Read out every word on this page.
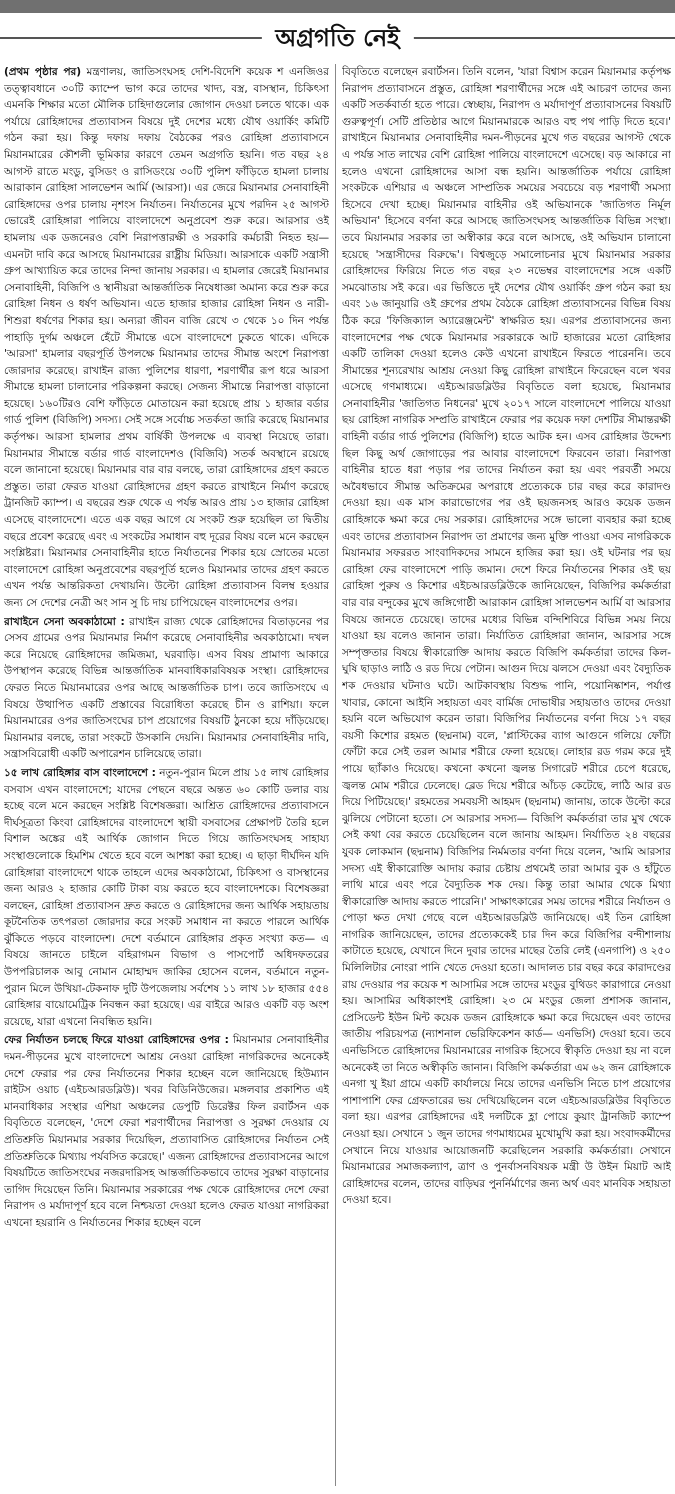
অগ্রগতি নেই

(প্রথম পৃষ্ঠার পর) মন্ত্রণালয়, জাতিসংঘসহ দেশি-বিদেশি কয়েক শ এনজিওর তত্ত্বাবধানে ৩০টি ক্যাম্পে ভাগ করে তাদের খাদ্য, বস্ত্র, বাসস্থান, চিকিৎসা এমনকি শিক্ষার মতো মৌলিক চাহিদাগুলোর জোগান দেওয়া চলতে থাকে। এক পর্যায়ে রোহিঙ্গাদের প্রত্যাবাসন বিষয়ে দুই দেশের মধ্যে যৌথ ওয়ার্কিং কমিটি গঠন করা হয়। কিন্তু দফায় দফায় বৈঠকের পরও রোহিঙ্গা প্রত্যাবাসনে মিয়ানমারের কৌশলী ভূমিকার কারণে তেমন অগ্রগতি হয়নি। গত বছর ২৪ আগস্ট রাতে মংডু, বুসিডং ও রাসিডংয়ে ৩০টি পুলিশ ফাঁড়িতে হামলা চালায় আরাকান রোহিঙ্গা সালভেশন আর্মি (আরসা)। এর জেরে মিয়ানমার সেনাবাহিনী রোহিঙ্গাদের ওপর চালায় নৃশংস নির্যাতন। নির্যাতনের মুখে পরদিন ২৫ আগস্ট ভোরেই রোহিঙ্গারা পালিয়ে বাংলাদেশে অনুপ্রবেশ শুরু করে। আরসার ওই হামলায় এক ডজনেরও বেশি নিরাপত্তারক্ষী ও সরকারি কর্মচারী নিহত হয়— এমনটা দাবি করে আসছে মিয়ানমারের রাষ্ট্রীয় মিডিয়া। আরসাকে একটি সন্ত্রাসী গ্রুপ আখ্যায়িত করে তাদের নিন্দা জানায় সরকার। এ হামলার জেরেই মিয়ানমার সেনাবাহিনী, বিজিপি ও স্থানীয়রা আন্তর্জাতিক নিষেধাজ্ঞা অমান্য করে শুরু করে রোহিঙ্গা নিধন ও ধর্ষণ অভিযান। এতে হাজার হাজার রোহিঙ্গা নিধন ও নারী-শিশুরা ধর্ষণের শিকার হয়। অন্যরা জীবন বাজি রেখে ৩ থেকে ১০ দিন পর্যন্ত পাহাড়ি দুর্গম অঞ্চলে হেঁটে সীমান্তে এসে বাংলাদেশে ঢুকতে থাকে। এদিকে 'আরসা' হামলার বছরপূর্তি উপলক্ষে মিয়ানমার তাদের সীমান্ত অংশে নিরাপত্তা জোরদার করেছে। রাখাইন রাজ্য পুলিশের ধারণা, শরণার্থীর রূপ ধরে আরসা সীমান্তে হামলা চালানোর পরিকল্পনা করছে। সেজন্য সীমান্তে নিরাপত্তা বাড়ানো হয়েছে। ১৬০টিরও বেশি ফাঁড়িতে মোতায়েন করা হয়েছে প্রায় ১ হাজার বর্ডার গার্ড পুলিশ (বিজিপি) সদস্য। সেই সঙ্গে সর্বোচ্চ সতর্কতা জারি করেছে মিয়ানমার কর্তৃপক্ষ। আরসা হামলার প্রথম বার্ষিকী উপলক্ষে এ ব্যবস্থা নিয়েছে তারা। মিয়ানমার সীমান্তে বর্ডার গার্ড বাংলাদেশও (বিজিবি) সতর্ক অবস্থানে রয়েছে বলে জানানো হয়েছে। মিয়ানমার বার বার বলছে, তারা রোহিঙ্গাদের গ্রহণ করতে প্রস্তুত। তারা ফেরত যাওয়া রোহিঙ্গাদের গ্রহণ করতে রাখাইনে নির্মাণ করেছে ট্রানজিট ক্যাম্প। এ বছরের শুরু থেকে এ পর্যন্ত আরও প্রায় ১৩ হাজার রোহিঙ্গা এসেছে বাংলাদেশে। এতে এক বছর আগে যে সংকট শুরু হয়েছিল তা দ্বিতীয় বছরে প্রবেশ করেছে এবং এ সংকটের সমাধান বহু দূরের বিষয় বলে মনে করছেন সংশ্লিষ্টরা। মিয়ানমার সেনাবাহিনীর হাতে নির্যাতনের শিকার হয়ে স্রোতের মতো বাংলাদেশে রোহিঙ্গা অনুপ্রবেশের বছরপূর্তি হলেও মিয়ানমার তাদের গ্রহণ করতে এখন পর্যন্ত আন্তরিকতা দেখায়নি। উল্টো রোহিঙ্গা প্রত্যাবাসন বিলম্ব হওয়ার জন্য সে দেশের নেত্রী অং সান সু চি দায় চাপিয়েছেন বাংলাদেশের ওপর।

রাখাইনে সেনা অবকাঠামো : রাখাইন রাজ্য থেকে রোহিঙ্গাদের বিতাড়নের পর সেসব গ্রামের ওপর মিয়ানমার নির্মাণ করেছে সেনাবাহিনীর অবকাঠামো। দখল করে নিয়েছে রোহিঙ্গাদের জমিজমা, ঘরবাড়ি। এসব বিষয় প্রামাণ্য আকারে উপস্থাপন করেছে বিভিন্ন আন্তর্জাতিক মানবাধিকারবিষয়ক সংস্থা। রোহিঙ্গাদের ফেরত নিতে মিয়ানমারের ওপর আছে আন্তর্জাতিক চাপ। তবে জাতিসংঘে এ বিষয়ে উত্থাপিত একটি প্রস্তাবের বিরোধিতা করেছে চীন ও রাশিয়া। ফলে মিয়ানমারের ওপর জাতিসংঘের চাপ প্রয়োগের বিষয়টি ঠুনকো হয়ে দাঁড়িয়েছে। মিয়ানমার বলছে, তারা সংকটে উসকানি দেয়নি। মিয়ানমার সেনাবাহিনীর দাবি, সন্ত্রাসবিরোধী একটি অপারেশন চালিয়েছে তারা।

১৫ লাখ রোহিঙ্গার বাস বাংলাদেশে : নতুন-পুরান মিলে প্রায় ১৫ লাখ রোহিঙ্গার বসবাস এখন বাংলাদেশে; যাদের পেছনে বছরে অন্তত ৬০ কোটি ডলার ব্যয় হচ্ছে বলে মনে করছেন সংশ্লিষ্ট বিশেষজ্ঞরা। আশ্রিত রোহিঙ্গাদের প্রত্যাবাসনে দীর্ঘসূত্রতা কিংবা রোহিঙ্গাদের বাংলাদেশে স্থায়ী বসবাসের প্রেক্ষাপট তৈরি হলে বিশাল অঙ্কের এই আর্থিক জোগান দিতে গিয়ে জাতিসংঘসহ সাহায্য সংস্থাগুলোকে হিমশিম খেতে হবে বলে আশঙ্কা করা হচ্ছে। এ ছাড়া দীর্ঘদিন যদি রোহিঙ্গারা বাংলাদেশে থাকে তাহলে এদের অবকাঠামো, চিকিৎসা ও বাসস্থানের জন্য আরও ২ হাজার কোটি টাকা ব্যয় করতে হবে বাংলাদেশকে। বিশেষজ্ঞরা বলছেন, রোহিঙ্গা প্রত্যাবাসন দ্রুত করতে ও রোহিঙ্গাদের জন্য আর্থিক সহায়তায় কূটনৈতিক তৎপরতা জোরদার করে সংকট সমাধান না করতে পারলে আর্থিক ঝুঁকিতে পড়বে বাংলাদেশ। দেশে বর্তমানে রোহিঙ্গার প্রকৃত সংখ্যা কত— এ বিষয়ে জানতে চাইলে বহিরাগমন বিভাগ ও পাসপোর্ট অধিদফতরের উপপরিচালক আবু নোমান মোহাম্মদ জাকির হোসেন বলেন, বর্তমানে নতুন-পুরান মিলে উখিয়া-টেকনাফ দুটি উপজেলায় সর্বশেষ ১১ লাখ ১৮ হাজার ৫৫৪ রোহিঙ্গার বায়োমেট্রিক নিবন্ধন করা হয়েছে। এর বাইরে আরও একটি বড় অংশ রয়েছে, যারা এখনো নিবন্ধিত হয়নি।

ফের নির্যাতন চলছে ফিরে যাওয়া রোহিঙ্গাদের ওপর : মিয়ানমার সেনাবাহিনীর দমন-পীড়নের মুখে বাংলাদেশে আশ্রয় নেওয়া রোহিঙ্গা নাগরিকদের অনেকেই দেশে ফেরার পর ফের নির্যাতনের শিকার হচ্ছেন বলে জানিয়েছে হিউম্যান রাইটস ওয়াচ (এইচআরডব্লিউ)। খবর বিডিনিউজের। মঙ্গলবার প্রকাশিত এই মানবাধিকার সংস্থার এশিয়া অঞ্চলের ডেপুটি ডিরেক্টর ফিল রবার্টসন এক বিবৃতিতে বলেছেন, 'দেশে ফেরা শরণার্থীদের নিরাপত্তা ও সুরক্ষা দেওয়ার যে প্রতিশ্রুতি মিয়ানমার সরকার দিয়েছিল, প্রত্যাবাসিত রোহিঙ্গাদের নির্যাতন সেই প্রতিশ্রুতিকে মিথ্যায় পর্যবসিত করেছে।' এজন্য রোহিঙ্গাদের প্রত্যাবাসনের আগে বিষয়টিতে জাতিসংঘের নজরদারিসহ আন্তর্জাতিকভাবে তাদের সুরক্ষা বাড়ানোর তাগিদ দিয়েছেন তিনি। মিয়ানমার সরকারের পক্ষ থেকে রোহিঙ্গাদের দেশে ফেরা নিরাপদ ও মর্যাদাপূর্ণ হবে বলে নিশ্চয়তা দেওয়া হলেও ফেরত যাওয়া নাগরিকরা এখনো হয়রানি ও নির্যাতনের শিকার হচ্ছেন বলে

বিবৃতিতে বলেছেন রবার্টসন। তিনি বলেন, 'যারা বিশ্বাস করেন মিয়ানমার কর্তৃপক্ষ নিরাপদ প্রত্যাবাসনে প্রস্তুত, রোহিঙ্গা শরণার্থীদের সঙ্গে এই আচরণ তাদের জন্য একটি সতর্কবার্তা হতে পারে। স্বেচ্ছায়, নিরাপদ ও মর্যাদাপূর্ণ প্রত্যাবাসনের বিষয়টি গুরুত্বপূর্ণ। সেটি প্রতিষ্ঠার আগে মিয়ানমারকে আরও বহু পথ পাড়ি দিতে হবে।' রাখাইনে মিয়ানমার সেনাবাহিনীর দমন-পীড়নের মুখে গত বছরের আগস্ট থেকে এ পর্যন্ত সাত লাখের বেশি রোহিঙ্গা পালিয়ে বাংলাদেশে এসেছে। বড় আকারে না হলেও এখনো রোহিঙ্গাদের আসা বন্ধ হয়নি। আন্তর্জাতিক পর্যায়ে রোহিঙ্গা সংকটকে এশিয়ার এ অঞ্চলে সাম্প্রতিক সময়ের সবচেয়ে বড় শরণার্থী সমস্যা হিসেবে দেখা হচ্ছে। মিয়ানমার বাহিনীর ওই অভিযানকে 'জাতিগত নির্মূল অভিযান' হিসেবে বর্ণনা করে আসছে জাতিসংঘসহ আন্তর্জাতিক বিভিন্ন সংস্থা। তবে মিয়ানমার সরকার তা অস্বীকার করে বলে আসছে, ওই অভিযান চালানো হয়েছে 'সন্ত্রাসীদের বিরুদ্ধে'। বিশ্বজুড়ে সমালোচনার মুখে মিয়ানমার সরকার রোহিঙ্গাদের ফিরিয়ে নিতে গত বছর ২৩ নভেম্বর বাংলাদেশের সঙ্গে একটি সমঝোতায় সই করে। এর ভিত্তিতে দুই দেশের যৌথ ওয়ার্কিং গ্রুপ গঠন করা হয় এবং ১৬ জানুয়ারি ওই গ্রুপের প্রথম বৈঠকে রোহিঙ্গা প্রত্যাবাসনের বিভিন্ন বিষয় ঠিক করে 'ফিজিক্যাল অ্যারেঞ্জমেন্ট' স্বাক্ষরিত হয়। এরপর প্রত্যাবাসনের জন্য বাংলাদেশের পক্ষ থেকে মিয়ানমার সরকারকে আট হাজারের মতো রোহিঙ্গার একটি তালিকা দেওয়া হলেও কেউ এখনো রাখাইনে ফিরতে পারেননি। তবে সীমান্তের শূন্যরেখায় আশ্রয় নেওয়া কিছু রোহিঙ্গা রাখাইনে ফিরেছেন বলে খবর এসেছে গণমাধ্যমে। এইচআরডব্লিউর বিবৃতিতে বলা হয়েছে, মিয়ানমার সেনাবাহিনীর 'জাতিগত নিধনের' মুখে ২০১৭ সালে বাংলাদেশে পালিয়ে যাওয়া ছয় রোহিঙ্গা নাগরিক সম্প্রতি রাখাইনে ফেরার পর কয়েক দফা দেশটির সীমান্তরক্ষী বাহিনী বর্ডার গার্ড পুলিশের (বিজিপি) হাতে আটক হন। এসব রোহিঙ্গার উদ্দেশ্য ছিল কিছু অর্থ জোগাড়ের পর আবার বাংলাদেশে ফিরবেন তারা। নিরাপত্তা বাহিনীর হাতে ধরা পড়ার পর তাদের নির্যাতন করা হয় এবং পরবর্তী সময়ে অবৈধভাবে সীমান্ত অতিক্রমের অপরাধে প্রত্যেককে চার বছর করে কারাদণ্ড দেওয়া হয়। এক মাস কারাভোগের পর ওই ছয়জনসহ আরও কয়েক ডজন রোহিঙ্গাকে ক্ষমা করে দেয় সরকার। রোহিঙ্গাদের সঙ্গে ভালো ব্যবহার করা হচ্ছে এবং তাদের প্রত্যাবাসন নিরাপদ তা প্রমাণের জন্য মুক্তি পাওয়া এসব নাগরিককে মিয়ানমার সফররত সাংবাদিকদের সামনে হাজির করা হয়। ওই ঘটনার পর ছয় রোহিঙ্গা ফের বাংলাদেশে পাড়ি জমান। দেশে ফিরে নির্যাতনের শিকার ওই ছয় রোহিঙ্গা পুরুষ ও কিশোর এইচআরডব্লিউকে জানিয়েছেন, বিজিপির কর্মকর্তারা বার বার বন্দুকের মুখে জঙ্গিগোষ্ঠী আরাকান রোহিঙ্গা সালভেশন আর্মি বা আরসার বিষয়ে জানতে চেয়েছে। তাদের মধ্যের বিভিন্ন বন্দিশিবিরে বিভিন্ন সময় নিয়ে যাওয়া হয় বলেও জানান তারা। নির্যাতিত রোহিঙ্গারা জানান, আরসার সঙ্গে সম্পৃক্ততার বিষয়ে স্বীকারোক্তি আদায় করতে বিজিপি কর্মকর্তারা তাদের কিল-ঘুষি ছাড়াও লাঠি ও রড দিয়ে পেটান। আগুন দিয়ে ঝলসে দেওয়া এবং বৈদ্যুতিক শক দেওয়ার ঘটনাও ঘটে। আটকাবস্থায় বিশুদ্ধ পানি, পয়োনিষ্কাশন, পর্যাপ্ত খাবার, কোনো আইনি সহায়তা এবং বার্মিজ দোভাষীর সহায়তাও তাদের দেওয়া হয়নি বলে অভিযোগ করেন তারা। বিজিপির নির্যাতনের বর্ণনা দিয়ে ১৭ বছর বয়সী কিশোর রহমত (ছদ্মনাম) বলে, 'প্লাস্টিকের ব্যাগ আগুনে গলিয়ে ফোঁটা ফোঁটা করে সেই তরল আমার শরীরে ফেলা হয়েছে। লোহার রড গরম করে দুই পায়ে ছ্যাঁকাও দিয়েছে। কখনো কখনো জ্বলন্ত সিগারেট শরীরে চেপে ধরেছে, জ্বলন্ত মোম শরীরে ঢেলেছে। ব্লেড দিয়ে শরীরে আঁচড় কেটেছে, লাঠি আর রড দিয়ে পিটিয়েছে।' রহমতের সমবয়সী আহমদ (ছদ্মনাম) জানায়, তাকে উল্টো করে ঝুলিয়ে পেটানো হতো। সে আরসার সদস্য— বিজিপি কর্মকর্তারা তার মুখ থেকে সেই কথা বের করতে চেয়েছিলেন বলে জানায় আহমদ। নির্যাতিত ২৪ বছরের যুবক লোকমান (ছদ্মনাম) বিজিপির নির্মমতার বর্ণনা দিয়ে বলেন, 'আমি আরসার সদস্য এই স্বীকারোক্তি আদায় করার চেষ্টায় প্রথমেই তারা আমার বুক ও হাঁটুতে লাথি মারে এবং পরে বৈদ্যুতিক শক দেয়। কিন্তু তারা আমার থেকে মিথ্যা স্বীকারোক্তি আদায় করতে পারেনি।' সাক্ষাৎকারের সময় তাদের শরীরে নির্যাতন ও পোড়া ক্ষত দেখা গেছে বলে এইচআরডব্লিউ জানিয়েছে। এই তিন রোহিঙ্গা নাগরিক জানিয়েছেন, তাদের প্রত্যেককেই চার দিন করে বিজিপির বন্দীশালায় কাটাতে হয়েছে, যেখানে দিনে দুবার তাদের মাছের তৈরি লেই (এনগাপি) ও ২৫০ মিলিলিটার নোংরা পানি খেতে দেওয়া হতো। আদালত চার বছর করে কারাদণ্ডের রায় দেওয়ার পর কয়েক শ আসামির সঙ্গে তাদের মংডুর বুথিডং কারাগারে নেওয়া হয়। আসামির অধিকাংশই রোহিঙ্গা। ২৩ মে মংডুর জেলা প্রশাসক জানান, প্রেসিডেন্ট ইউন মিন্ট কয়েক ডজন রোহিঙ্গাকে ক্ষমা করে দিয়েছেন এবং তাদের জাতীয় পরিচয়পত্র (ন্যাশনাল ভেরিফিকেশন কার্ড— এনভিসি) দেওয়া হবে। তবে এনভিসিতে রোহিঙ্গাদের মিয়ানমারের নাগরিক হিসেবে স্বীকৃতি দেওয়া হয় না বলে অনেকেই তা নিতে অস্বীকৃতি জানান। বিজিপি কর্মকর্তারা এম ৬২ জন রোহিঙ্গাকে এনগা খু ইয়া গ্রামে একটি কার্যালয়ে নিয়ে তাদের এনভিসি নিতে চাপ প্রয়োগের পাশাপাশি ফের গ্রেফতারের ভয় দেখিয়েছিলেন বলে এইচআরডব্লিউর বিবৃতিতে বলা হয়। এরপর রোহিঙ্গাদের এই দলটিকে হ্লা পোয়ে কুয়াং ট্রানজিট ক্যাম্পে নেওয়া হয়। সেখানে ১ জুন তাদের গণমাধ্যমের মুখোমুখি করা হয়। সংবাদকর্মীদের সেখানে নিয়ে যাওয়ার আয়োজনটি করেছিলেন সরকারি কর্মকর্তারা। সেখানে মিয়ানমারের সমাজকল্যাণ, ত্রাণ ও পুনর্বাসনবিষয়ক মন্ত্রী উ উইন মিয়াট আই রোহিঙ্গাদের বলেন, তাদের বাড়িঘর পুনর্নির্মাণের জন্য অর্থ এবং মানবিক সহায়তা দেওয়া হবে।
